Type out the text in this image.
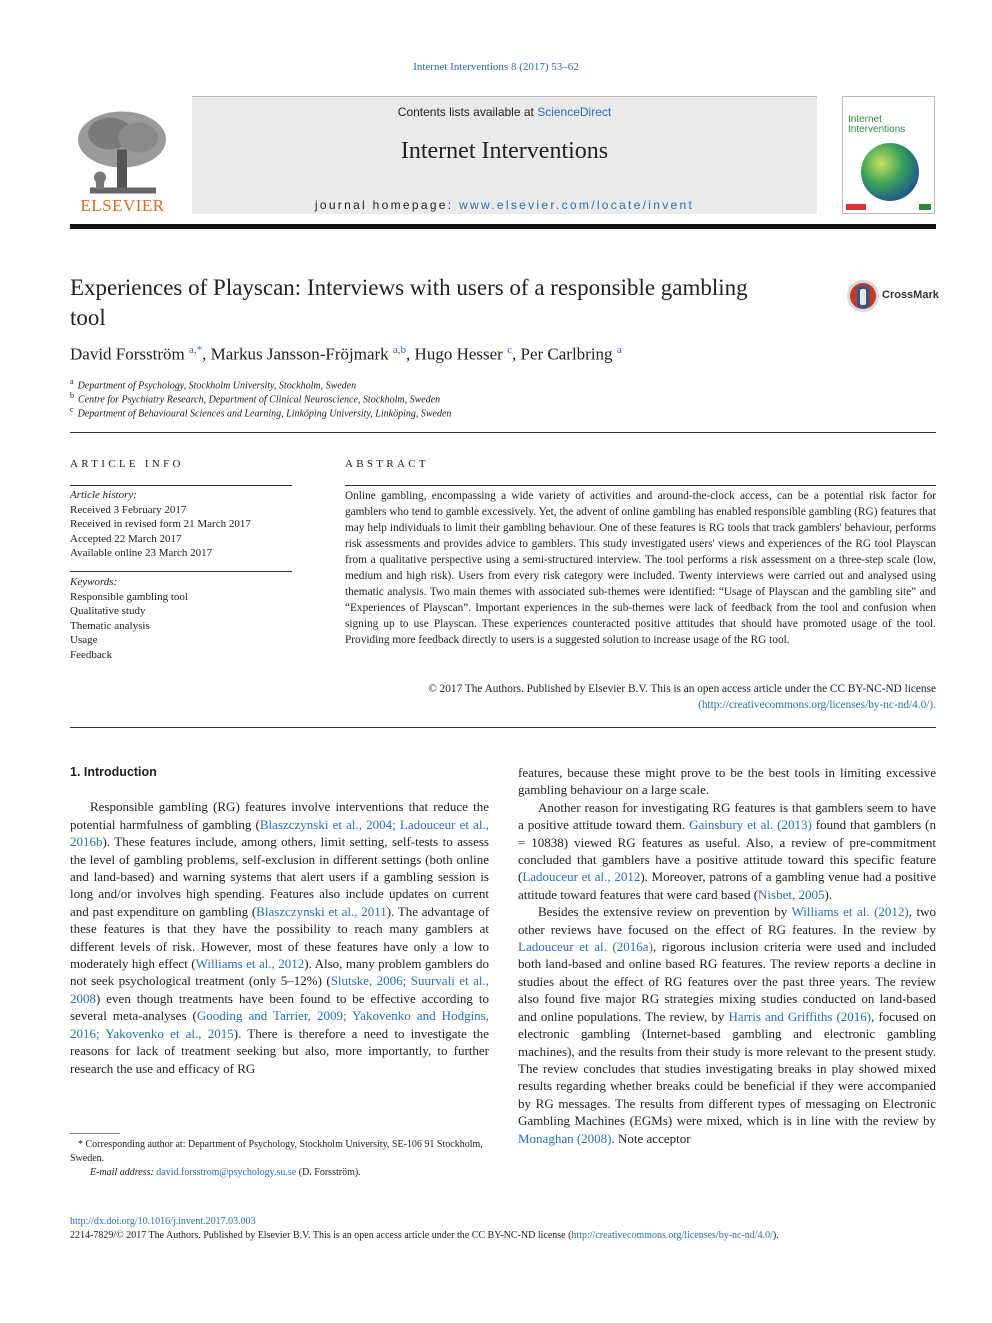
Internet Interventions 8 (2017) 53–62
ELSEVIER
Contents lists available at ScienceDirect
Internet Interventions
journal homepage: www.elsevier.com/locate/invent
Internet Interventions
Experiences of Playscan: Interviews with users of a responsible gambling tool
CrossMark
David Forsström $^{a,*}$, Markus Jansson-Fröjmark $^{a,b}$, Hugo Hesser $^c$, Per Carlbring $^a$
$^a$ Department of Psychology, Stockholm University, Stockholm, Sweden
$^b$ Centre for Psychiatry Research, Department of Clinical Neuroscience, Stockholm, Sweden
$^c$ Department of Behavioural Sciences and Learning, Linköping University, Linköping, Sweden
ARTICLE INFO
Article history:
Received 3 February 2017
Received in revised form 21 March 2017
Accepted 22 March 2017
Available online 23 March 2017
Keywords:
Responsible gambling tool
Qualitative study
Thematic analysis
Usage
Feedback
ABSTRACT
Online gambling, encompassing a wide variety of activities and around-the-clock access, can be a potential risk factor for gamblers who tend to gamble excessively. Yet, the advent of online gambling has enabled responsible gambling (RG) features that may help individuals to limit their gambling behaviour. One of these features is RG tools that track gamblers' behaviour, performs risk assessments and provides advice to gamblers. This study investigated users' views and experiences of the RG tool Playscan from a qualitative perspective using a semi-structured interview. The tool performs a risk assessment on a three-step scale (low, medium and high risk). Users from every risk category were included. Twenty interviews were carried out and analysed using thematic analysis. Two main themes with associated sub-themes were identified: “Usage of Playscan and the gambling site” and “Experiences of Playscan”. Important experiences in the sub-themes were lack of feedback from the tool and confusion when signing up to use Playscan. These experiences counteracted positive attitudes that should have promoted usage of the tool. Providing more feedback directly to users is a suggested solution to increase usage of the RG tool.
© 2017 The Authors. Published by Elsevier B.V. This is an open access article under the CC BY-NC-ND license
(http://creativecommons.org/licenses/by-nc-nd/4.0/).
1. Introduction

Responsible gambling (RG) features involve interventions that reduce the potential harmfulness of gambling (Blaszczynski et al., 2004; Ladouceur et al., 2016b). These features include, among others, limit setting, self-tests to assess the level of gambling problems, self-exclusion in different settings (both online and land-based) and warning systems that alert users if a gambling session is long and/or involves high spending. Features also include updates on current and past expenditure on gambling (Blaszczynski et al., 2011). The advantage of these features is that they have the possibility to reach many gamblers at different levels of risk. However, most of these features have only a low to moderately high effect (Williams et al., 2012). Also, many problem gamblers do not seek psychological treatment (only 5–12%) (Slutske, 2006; Suurvali et al., 2008) even though treatments have been found to be effective according to several meta-analyses (Gooding and Tarrier, 2009; Yakovenko and Hodgins, 2016; Yakovenko et al., 2015). There is therefore a need to investigate the reasons for lack of treatment seeking but also, more importantly, to further research the use and efficacy of RG

features, because these might prove to be the best tools in limiting excessive gambling behaviour on a large scale.

Another reason for investigating RG features is that gamblers seem to have a positive attitude toward them. Gainsbury et al. (2013) found that gamblers (n = 10838) viewed RG features as useful. Also, a review of pre-commitment concluded that gamblers have a positive attitude toward this specific feature (Ladouceur et al., 2012). Moreover, patrons of a gambling venue had a positive attitude toward features that were card based (Nisbet, 2005).

Besides the extensive review on prevention by Williams et al. (2012), two other reviews have focused on the effect of RG features. In the review by Ladouceur et al. (2016a), rigorous inclusion criteria were used and included both land-based and online based RG features. The review reports a decline in studies about the effect of RG features over the past three years. The review also found five major RG strategies mixing studies conducted on land-based and online populations. The review, by Harris and Griffiths (2016), focused on electronic gambling (Internet-based gambling and electronic gambling machines), and the results from their study is more relevant to the present study. The review concludes that studies investigating breaks in play showed mixed results regarding whether breaks could be beneficial if they were accompanied by RG messages. The results from different types of messaging on Electronic Gambling Machines (EGMs) were mixed, which is in line with the review by Monaghan (2008). Note acceptor

* Corresponding author at: Department of Psychology, Stockholm University, SE-106 91 Stockholm, Sweden.
E-mail address: david.forsstrom@psychology.su.se (D. Forsström).
http://dx.doi.org/10.1016/j.invent.2017.03.003
2214-7829/© 2017 The Authors. Published by Elsevier B.V. This is an open access article under the CC BY-NC-ND license (http://creativecommons.org/licenses/by-nc-nd/4.0/).
